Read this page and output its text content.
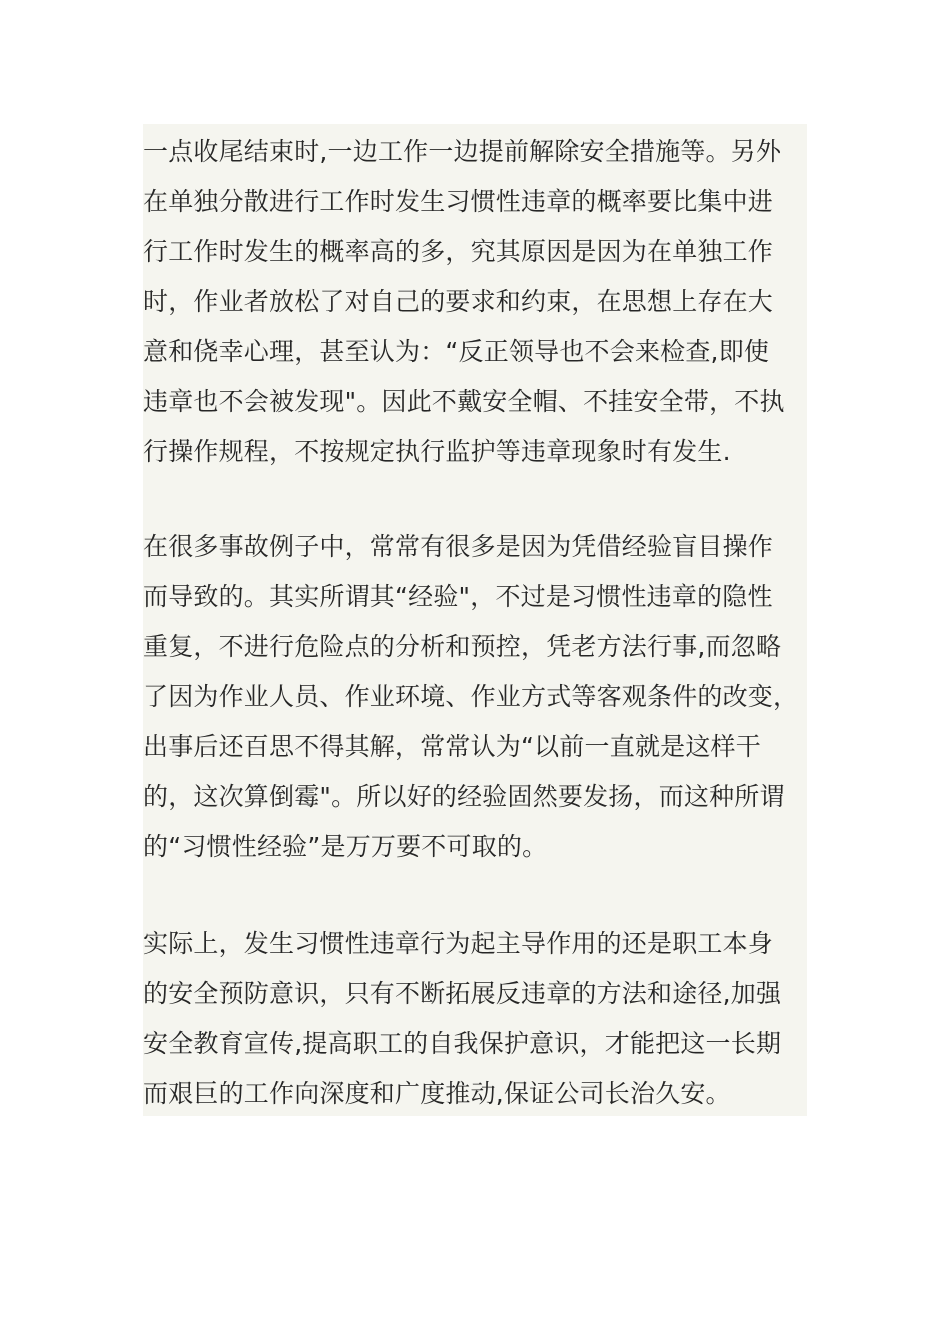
一点收尾结束时,一边工作一边提前解除安全措施等。另外
在单独分散进行工作时发生习惯性违章的概率要比集中进
行工作时发生的概率高的多，究其原因是因为在单独工作
时，作业者放松了对自己的要求和约束，在思想上存在大
意和侥幸心理，甚至认为：“反正领导也不会来检查,即使
违章也不会被发现"。因此不戴安全帽、不挂安全带，不执
行操作规程，不按规定执行监护等违章现象时有发生.

在很多事故例子中，常常有很多是因为凭借经验盲目操作
而导致的。其实所谓其“经验"，不过是习惯性违章的隐性
重复，不进行危险点的分析和预控，凭老方法行事,而忽略
了因为作业人员、作业环境、作业方式等客观条件的改变，
出事后还百思不得其解，常常认为“以前一直就是这样干
的，这次算倒霉"。所以好的经验固然要发扬，而这种所谓
的“习惯性经验”是万万要不可取的。

实际上，发生习惯性违章行为起主导作用的还是职工本身
的安全预防意识，只有不断拓展反违章的方法和途径,加强
安全教育宣传,提高职工的自我保护意识，才能把这一长期
而艰巨的工作向深度和广度推动,保证公司长治久安。
